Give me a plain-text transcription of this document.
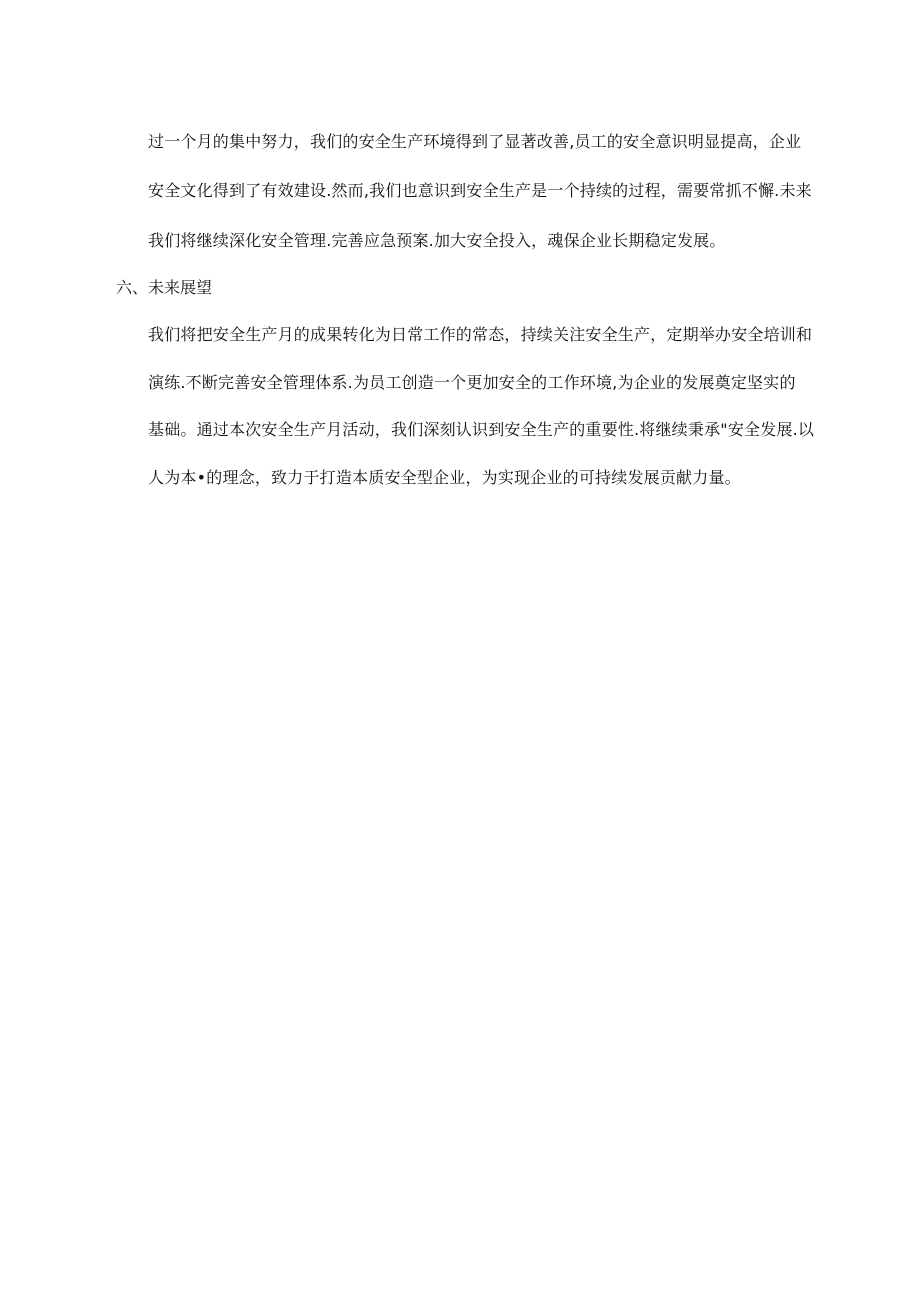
过一个月的集中努力，我们的安全生产环境得到了显著改善,员工的安全意识明显提高，企业
安全文化得到了有效建设.然而,我们也意识到安全生产是一个持续的过程，需要常抓不懈.未来
我们将继续深化安全管理.完善应急预案.加大安全投入，魂保企业长期稳定发展。
六、未来展望
我们将把安全生产月的成果转化为日常工作的常态，持续关注安全生产，定期举办安全培训和
演练.不断完善安全管理体系.为员工创造一个更加安全的工作环境,为企业的发展奠定坚实的
基础。通过本次安全生产月活动，我们深刻认识到安全生产的重要性.将继续秉承"安全发展.以
人为本•的理念，致力于打造本质安全型企业，为实现企业的可持续发展贡献力量。
